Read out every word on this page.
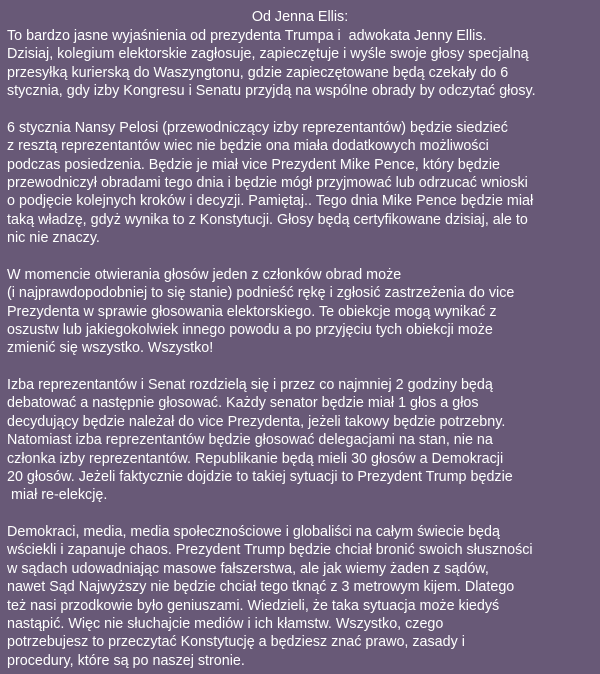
Od Jenna Ellis:
To bardzo jasne wyjaśnienia od prezydenta Trumpa i  adwokata Jenny Ellis.
Dzisiaj, kolegium elektorskie zagłosuje, zapieczętuje i wyśle swoje głosy specjalną
przesyłką kurierską do Waszyngtonu, gdzie zapieczętowane będą czekały do 6
stycznia, gdy izby Kongresu i Senatu przyjdą na wspólne obrady by odczytać głosy.
6 stycznia Nansy Pelosi (przewodniczący izby reprezentantów) będzie siedzieć
z resztą reprezentantów wiec nie będzie ona miała dodatkowych możliwości
podczas posiedzenia. Będzie je miał vice Prezydent Mike Pence, który będzie
przewodniczył obradami tego dnia i będzie mógł przyjmować lub odrzucać wnioski
o podjęcie kolejnych kroków i decyzji. Pamiętaj.. Tego dnia Mike Pence będzie miał
taką władzę, gdyż wynika to z Konstytucji. Głosy będą certyfikowane dzisiaj, ale to
nic nie znaczy.
W momencie otwierania głosów jeden z członków obrad może
(i najprawdopodobniej to się stanie) podnieść rękę i zgłosić zastrzeżenia do vice
Prezydenta w sprawie głosowania elektorskiego. Te obiekcje mogą wynikać z
oszustw lub jakiegokolwiek innego powodu a po przyjęciu tych obiekcji może
zmienić się wszystko. Wszystko!
Izba reprezentantów i Senat rozdzielą się i przez co najmniej 2 godziny będą
debatować a następnie głosować. Każdy senator będzie miał 1 głos a głos
decydujący będzie należał do vice Prezydenta, jeżeli takowy będzie potrzebny.
Natomiast izba reprezentantów będzie głosować delegacjami na stan, nie na
członka izby reprezentantów. Republikanie będą mieli 30 głosów a Demokracji
20 głosów. Jeżeli faktycznie dojdzie to takiej sytuacji to Prezydent Trump będzie
miał re-elekcję.
Demokraci, media, media społecznościowe i globaliści na całym świecie będą
wściekli i zapanuje chaos. Prezydent Trump będzie chciał bronić swoich słuszności
w sądach udowadniając masowe fałszerstwa, ale jak wiemy żaden z sądów,
nawet Sąd Najwyższy nie będzie chciał tego tknąć z 3 metrowym kijem. Dlatego
też nasi przodkowie było geniuszami. Wiedzieli, że taka sytuacja może kiedyś
nastąpić. Więc nie słuchajcie mediów i ich kłamstw. Wszystko, czego
potrzebujesz to przeczytać Konstytucję a będziesz znać prawo, zasady i
procedury, które są po naszej stronie.
